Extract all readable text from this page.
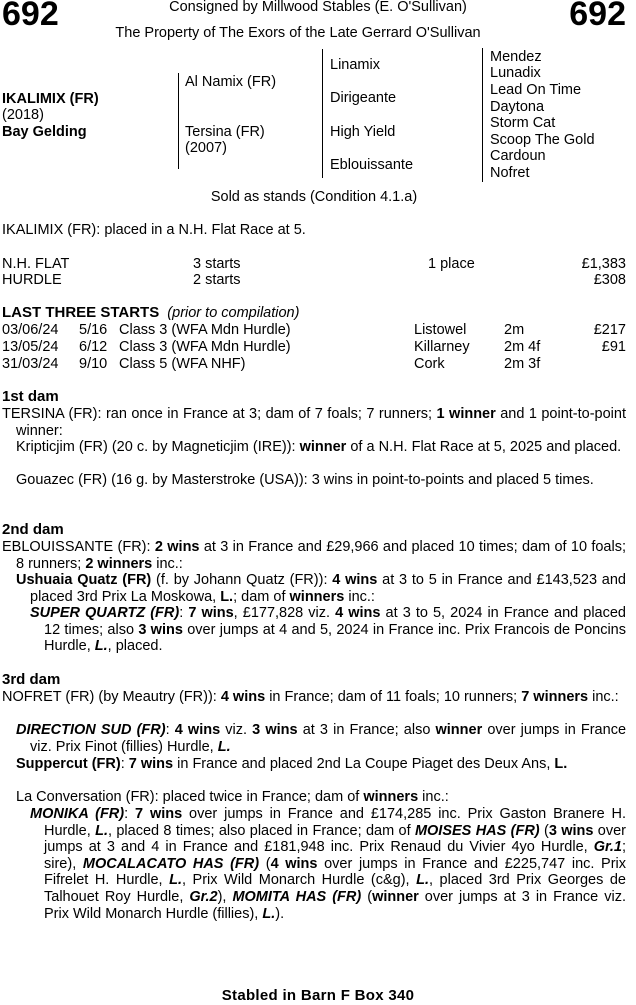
692	692
Consigned by Millwood Stables (E. O'Sullivan)
The Property of The Exors of the Late Gerrard O'Sullivan
IKALIMIX (FR)
(2018)
Bay Gelding
Al Namix (FR)
Tersina (FR)
(2007)
Linamix
Dirigeante
High Yield
Eblouissante
Mendez
Lunadix
Lead On Time
Daytona
Storm Cat
Scoop The Gold
Cardoun
Nofret
Sold as stands (Condition 4.1.a)
IKALIMIX (FR): placed in a N.H. Flat Race at 5.
N.H. FLAT	3 starts	1 place	£1,383
HURDLE	2 starts	£308
LAST THREE STARTS (prior to compilation)
03/06/24 5/16 Class 3 (WFA Mdn Hurdle)	Listowel	2m	£217
13/05/24 6/12 Class 3 (WFA Mdn Hurdle)	Killarney 2m 4f	£91
31/03/24 9/10 Class 5 (WFA NHF)	Cork	2m 3f
1st dam

TERSINA (FR): ran once in France at 3; dam of 7 foals; 7 runners; 1 winner and 1 point-to-point winner:

Kripticjim (FR) (20 c. by Magneticjim (IRE)): winner of a N.H. Flat Race at 5, 2025 and placed.

Gouazec (FR) (16 g. by Masterstroke (USA)): 3 wins in point-to-points and placed 5 times.

2nd dam

EBLOUISSANTE (FR): 2 wins at 3 in France and £29,966 and placed 10 times; dam of 10 foals; 8 runners; 2 winners inc.:

Ushuaia Quatz (FR) (f. by Johann Quatz (FR)): 4 wins at 3 to 5 in France and £143,523 and placed 3rd Prix La Moskowa, L.; dam of winners inc.:

SUPER QUARTZ (FR): 7 wins, £177,828 viz. 4 wins at 3 to 5, 2024 in France and placed 12 times; also 3 wins over jumps at 4 and 5, 2024 in France inc. Prix Francois de Poncins Hurdle, L., placed.

3rd dam

NOFRET (FR) (by Meautry (FR)): 4 wins in France; dam of 11 foals; 10 runners; 7 winners inc.:

DIRECTION SUD (FR): 4 wins viz. 3 wins at 3 in France; also winner over jumps in France viz. Prix Finot (fillies) Hurdle, L.

Suppercut (FR): 7 wins in France and placed 2nd La Coupe Piaget des Deux Ans, L.

La Conversation (FR): placed twice in France; dam of winners inc.:

MONIKA (FR): 7 wins over jumps in France and £174,285 inc. Prix Gaston Branere H. Hurdle, L., placed 8 times; also placed in France; dam of MOISES HAS (FR) (3 wins over jumps at 3 and 4 in France and £181,948 inc. Prix Renaud du Vivier 4yo Hurdle, Gr.1; sire), MOCALACATO HAS (FR) (4 wins over jumps in France and £225,747 inc. Prix Fifrelet H. Hurdle, L., Prix Wild Monarch Hurdle (c&g), L., placed 3rd Prix Georges de Talhouet Roy Hurdle, Gr.2), MOMITA HAS (FR) (winner over jumps at 3 in France viz. Prix Wild Monarch Hurdle (fillies), L.).

Stabled in Barn F Box 340
